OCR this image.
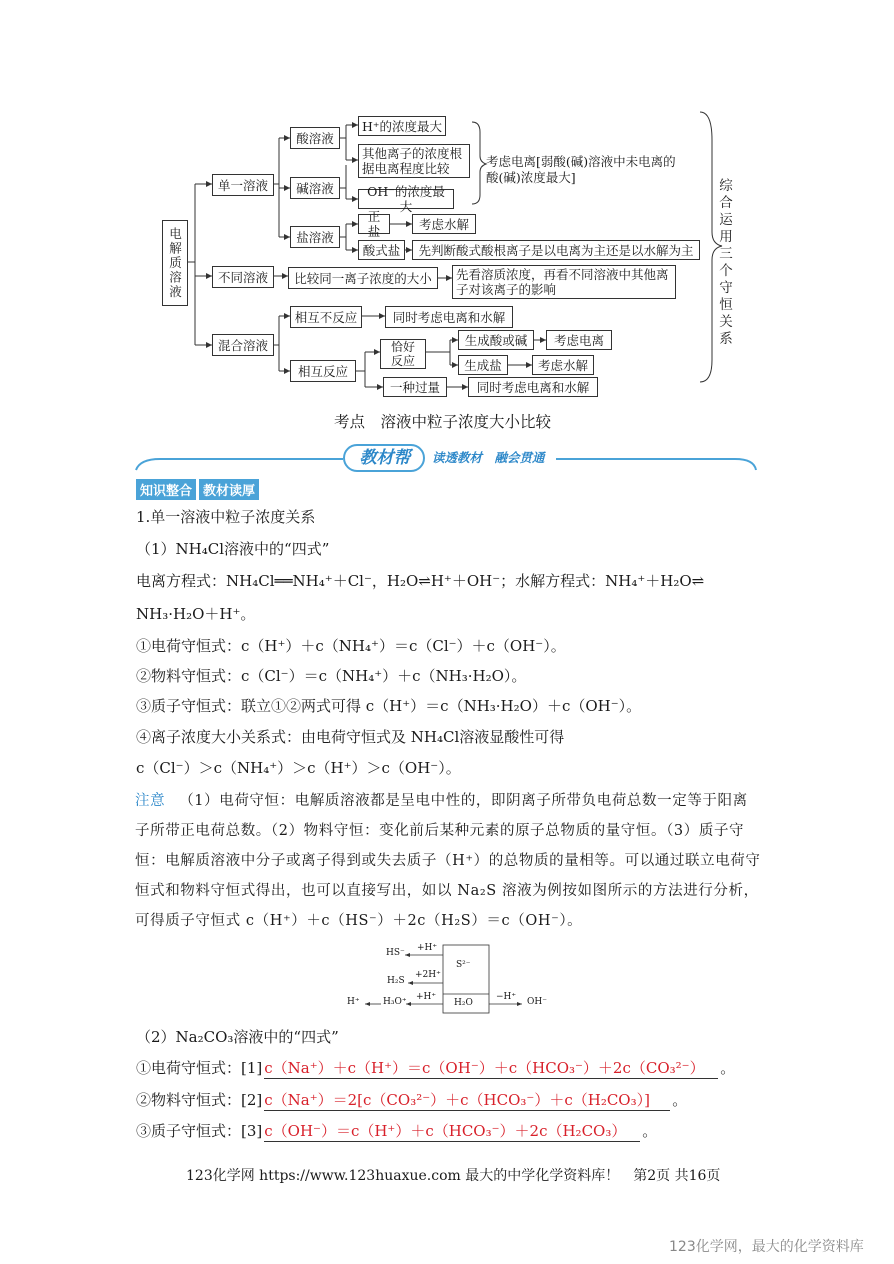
电解质溶液
单一溶液
不同溶液
混合溶液
酸溶液
碱溶液
盐溶液
H⁺的浓度最大
其他离子的浓度根据电离程度比较
OH⁻的浓度最大
考虑电离[弱酸(碱)溶液中未电离的酸(碱)浓度最大]
正盐	考虑水解
酸式盐	先判断酸式酸根离子是以电离为主还是以水解为主
比较同一离子浓度的大小	先看溶质浓度，再看不同溶液中其他离子对该离子的影响
相互不反应	同时考虑电离和水解
相互反应
恰好反应
生成酸或碱	考虑电离
生成盐	考虑水解
一种过量	同时考虑电离和水解
综合运用三个守恒关系
考点　溶液中粒子浓度大小比较
教材帮	读透教材　融会贯通
知识整合 教材读厚
1.单一溶液中粒子浓度关系
（1）NH₄Cl溶液中的“四式”
电离方程式：NH₄Cl══NH₄⁺＋Cl⁻，H₂O⇌H⁺＋OH⁻；水解方程式：NH₄⁺＋H₂O⇌
NH₃·H₂O＋H⁺。
①电荷守恒式：c（H⁺）＋c（NH₄⁺）＝c（Cl⁻）＋c（OH⁻）。
②物料守恒式：c（Cl⁻）＝c（NH₄⁺）＋c（NH₃·H₂O）。
③质子守恒式：联立①②两式可得 c（H⁺）＝c（NH₃·H₂O）＋c（OH⁻）。
④离子浓度大小关系式：由电荷守恒式及 NH₄Cl溶液显酸性可得
c（Cl⁻）＞c（NH₄⁺）＞c（H⁺）＞c（OH⁻）。
注意 （1）电荷守恒：电解质溶液都是呈电中性的，即阴离子所带负电荷总数一定等于阳离子所带正电荷总数。（2）物料守恒：变化前后某种元素的原子总物质的量守恒。（3）质子守恒：电解质溶液中分子或离子得到或失去质子（H⁺）的总物质的量相等。可以通过联立电荷守恒式和物料守恒式得出，也可以直接写出，如以 Na₂S 溶液为例按如图所示的方法进行分析，可得质子守恒式 c（H⁺）＋c（HS⁻）＋2c（H₂S）＝c（OH⁻）。
HS⁻ +H⁺
H₂S
+2H⁺
H⁺	H₃O⁺ +H⁺
S²⁻
H₂O
−H⁺ OH⁻
（2）Na₂CO₃溶液中的“四式”
①电荷守恒式：[1] c（Na⁺）＋c（H⁺）＝c（OH⁻）＋c（HCO₃⁻）＋2c（CO₃²⁻） 。
②物料守恒式：[2] c（Na⁺）＝2[c（CO₃²⁻）＋c（HCO₃⁻）＋c（H₂CO₃）] 。
③质子守恒式：[3] c（OH⁻）＝c（H⁺）＋c（HCO₃⁻）＋2c（H₂CO₃） 。
123化学网 https://www.123huaxue.com 最大的中学化学资料库！　第2页 共16页
123化学网，最大的化学资料库
